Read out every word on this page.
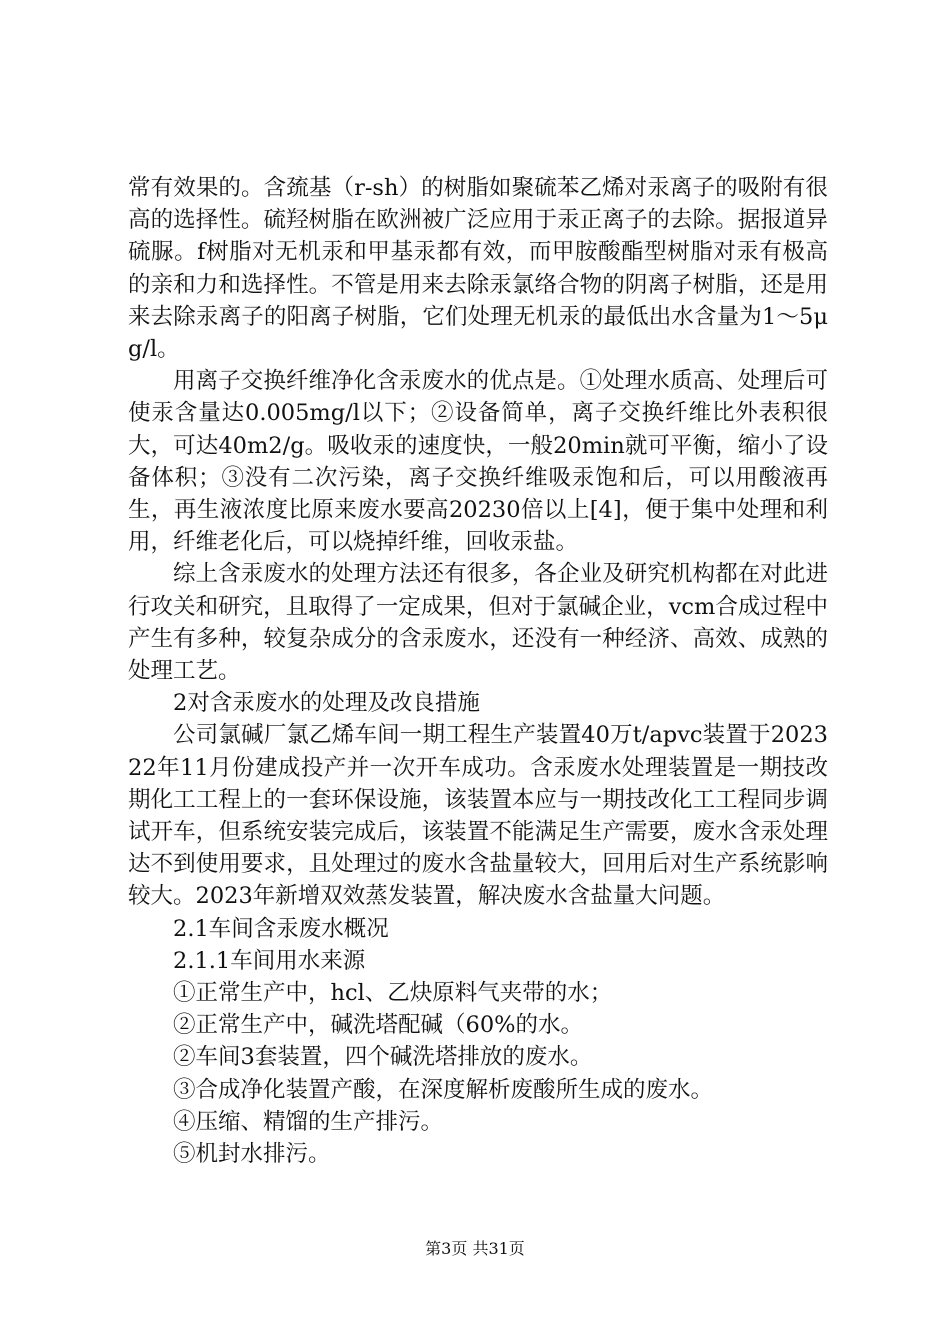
常有效果的。含巯基（r-sh）的树脂如聚硫苯乙烯对汞离子的吸附有很高的选择性。硫羟树脂在欧洲被广泛应用于汞正离子的去除。据报道异硫脲。f树脂对无机汞和甲基汞都有效，而甲胺酸酯型树脂对汞有极高的亲和力和选择性。不管是用来去除汞氯络合物的阴离子树脂，还是用来去除汞离子的阳离子树脂，它们处理无机汞的最低出水含量为1～5μg/l。

用离子交换纤维净化含汞废水的优点是。①处理水质高、处理后可使汞含量达0.005mg/l以下；②设备简单，离子交换纤维比外表积很大，可达40m2/g。吸收汞的速度快，一般20min就可平衡，缩小了设备体积；③没有二次污染，离子交换纤维吸汞饱和后，可以用酸液再生，再生液浓度比原来废水要高20230倍以上[4]，便于集中处理和利用，纤维老化后，可以烧掉纤维，回收汞盐。

综上含汞废水的处理方法还有很多，各企业及研究机构都在对此进行攻关和研究，且取得了一定成果，但对于氯碱企业，vcm合成过程中产生有多种，较复杂成分的含汞废水，还没有一种经济、高效、成熟的处理工艺。

2对含汞废水的处理及改良措施

公司氯碱厂氯乙烯车间一期工程生产装置40万t/apvc装置于202322年11月份建成投产并一次开车成功。含汞废水处理装置是一期技改期化工工程上的一套环保设施，该装置本应与一期技改化工工程同步调试开车，但系统安装完成后，该装置不能满足生产需要，废水含汞处理达不到使用要求，且处理过的废水含盐量较大，回用后对生产系统影响较大。2023年新增双效蒸发装置，解决废水含盐量大问题。

2.1车间含汞废水概况

2.1.1车间用水来源

①正常生产中，hcl、乙炔原料气夹带的水；

②正常生产中，碱洗塔配碱（60%的水。

②车间3套装置，四个碱洗塔排放的废水。

③合成净化装置产酸，在深度解析废酸所生成的废水。

④压缩、精馏的生产排污。

⑤机封水排污。

第3页 共31页
